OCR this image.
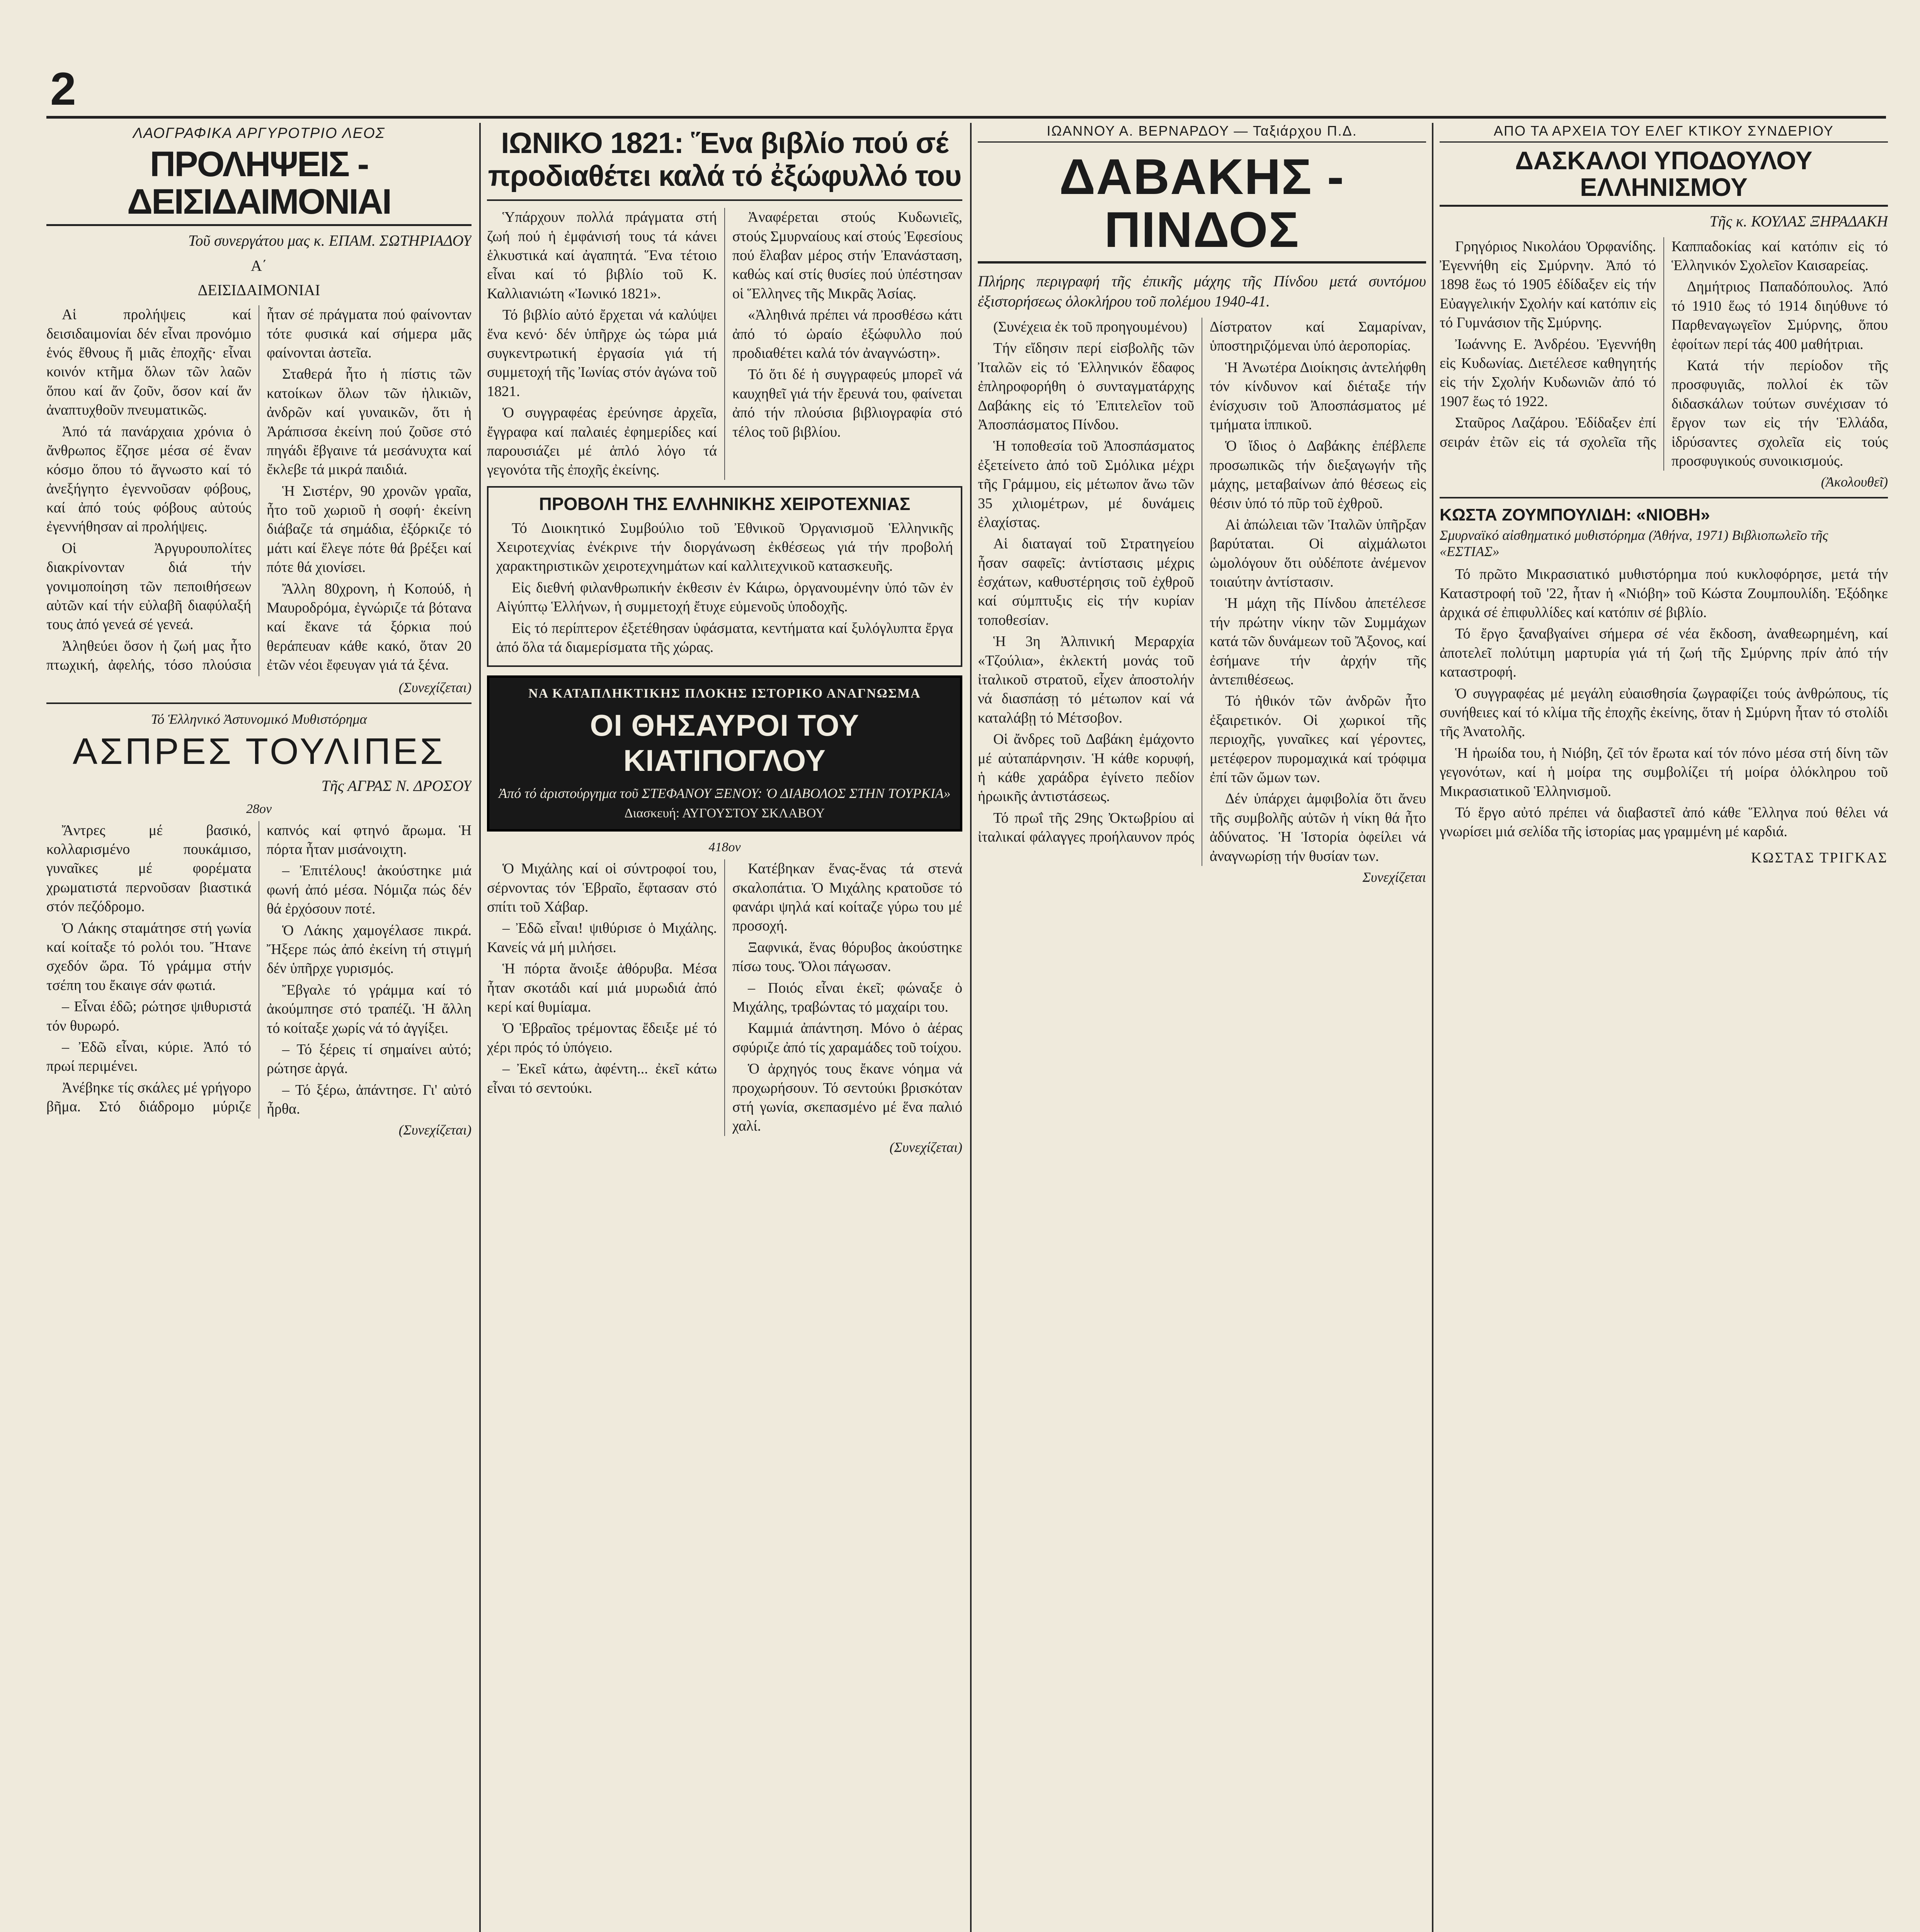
2
ΛΑΟΓΡΑΦΙΚΑ ΑΡΓΥΡΟΤΡΙΟ ΛΕΟΣ
ΠΡΟΛΗΨΕΙΣ - ΔΕΙΣΙΔΑΙΜΟΝΙΑΙ
Τοῦ συνεργάτου μας κ. ΕΠΑΜ. ΣΩΤΗΡΙΑΔΟΥ
Α΄
ΔΕΙΣΙΔΑΙΜΟΝΙΑΙ

Αἱ προλήψεις καί δεισιδαιμονίαι δέν εἶναι προνόμιο ἑνός ἔθνους ἤ μιᾶς ἐποχῆς· εἶναι κοινόν κτῆμα ὅλων τῶν λαῶν ὅπου καί ἄν ζοῦν, ὅσον καί ἄν ἀναπτυχθοῦν πνευματικῶς.

Ἀπό τά πανάρχαια χρόνια ὁ ἄνθρωπος ἔζησε μέσα σέ ἕναν κόσμο ὅπου τό ἄγνωστο καί τό ἀνεξήγητο ἐγεννοῦσαν φόβους, καί ἀπό τούς φόβους αὐτούς ἐγεννήθησαν αἱ προλήψεις.

Οἱ Ἀργυρουπολίτες διακρίνονταν διά τήν γονιμοποίηση τῶν πεποιθήσεων αὐτῶν καί τήν εὐλαβῆ διαφύλαξή τους ἀπό γενεά σέ γενεά.

Ἀληθεύει ὅσον ἡ ζωή μας ἦτο πτωχική, ἀφελής, τόσο πλούσια ἦταν σέ πράγματα πού φαίνονταν τότε φυσικά καί σήμερα μᾶς φαίνονται ἀστεῖα.

Σταθερά ἦτο ἡ πίστις τῶν κατοίκων ὅλων τῶν ἡλικιῶν, ἀνδρῶν καί γυναικῶν, ὅτι ἡ Ἀράπισσα ἐκείνη πού ζοῦσε στό πηγάδι ἔβγαινε τά μεσάνυχτα καί ἔκλεβε τά μικρά παιδιά.

Ἡ Σιστέρν, 90 χρονῶν γραῖα, ἦτο τοῦ χωριοῦ ἡ σοφή· ἐκείνη διάβαζε τά σημάδια, ἐξόρκιζε τό μάτι καί ἔλεγε πότε θά βρέξει καί πότε θά χιονίσει.

Ἄλλη 80χρονη, ἡ Κοπούδ, ἡ Μαυροδρόμα, ἐγνώριζε τά βότανα καί ἔκανε τά ξόρκια πού θεράπευαν κάθε κακό, ὅταν 20 ἐτῶν νέοι ἔφευγαν γιά τά ξένα.

(Συνεχίζεται)
Τό Ἑλληνικό Ἀστυνομικό Μυθιστόρημα
ΑΣΠΡΕΣ ΤΟΥΛΙΠΕΣ
Τῆς ΑΓΡΑΣ Ν. ΔΡΟΣΟΥ
28ον

Ἄντρες μέ βασικό, κολλαρισμένο πουκάμισο, γυναῖκες μέ φορέματα χρωματιστά περνοῦσαν βιαστικά στόν πεζόδρομο.

Ὁ Λάκης σταμάτησε στή γωνία καί κοίταξε τό ρολόι του. Ἤτανε σχεδόν ὥρα. Τό γράμμα στήν τσέπη του ἔκαιγε σάν φωτιά.

– Εἶναι ἐδῶ; ρώτησε ψιθυριστά τόν θυρωρό.

– Ἐδῶ εἶναι, κύριε. Ἀπό τό πρωί περιμένει.

Ἀνέβηκε τίς σκάλες μέ γρήγορο βῆμα. Στό διάδρομο μύριζε καπνός καί φτηνό ἄρωμα. Ἡ πόρτα ἦταν μισάνοιχτη.

– Ἐπιτέλους! ἀκούστηκε μιά φωνή ἀπό μέσα. Νόμιζα πώς δέν θά ἐρχόσουν ποτέ.

Ὁ Λάκης χαμογέλασε πικρά. Ἤξερε πώς ἀπό ἐκείνη τή στιγμή δέν ὑπῆρχε γυρισμός.

Ἔβγαλε τό γράμμα καί τό ἀκούμπησε στό τραπέζι. Ἡ ἄλλη τό κοίταξε χωρίς νά τό ἀγγίξει.

– Τό ξέρεις τί σημαίνει αὐτό; ρώτησε ἀργά.

– Τό ξέρω, ἀπάντησε. Γι' αὐτό ἦρθα.

(Συνεχίζεται)
ΙΩΝΙΚΟ 1821: Ἕνα βιβλίο πού σέ προδιαθέτει καλά τό ἐξώφυλλό του

Ὑπάρχουν πολλά πράγματα στή ζωή πού ἡ ἐμφάνισή τους τά κάνει ἑλκυστικά καί ἀγαπητά. Ἕνα τέτοιο εἶναι καί τό βιβλίο τοῦ Κ. Καλλιανιώτη «Ἰωνικό 1821».

Τό βιβλίο αὐτό ἔρχεται νά καλύψει ἕνα κενό· δέν ὑπῆρχε ὡς τώρα μιά συγκεντρωτική ἐργασία γιά τή συμμετοχή τῆς Ἰωνίας στόν ἀγώνα τοῦ 1821.

Ὁ συγγραφέας ἐρεύνησε ἀρχεῖα, ἔγγραφα καί παλαιές ἐφημερίδες καί παρουσιάζει μέ ἁπλό λόγο τά γεγονότα τῆς ἐποχῆς ἐκείνης.

Ἀναφέρεται στούς Κυδωνιεῖς, στούς Σμυρναίους καί στούς Ἐφεσίους πού ἔλαβαν μέρος στήν Ἐπανάσταση, καθώς καί στίς θυσίες πού ὑπέστησαν οἱ Ἕλληνες τῆς Μικρᾶς Ἀσίας.

«Ἀληθινά πρέπει νά προσθέσω κάτι ἀπό τό ὡραίο ἐξώφυλλο πού προδιαθέτει καλά τόν ἀναγνώστη».

Τό ὅτι δέ ἡ συγγραφεύς μπορεῖ νά καυχηθεῖ γιά τήν ἔρευνά του, φαίνεται ἀπό τήν πλούσια βιβλιογραφία στό τέλος τοῦ βιβλίου.

ΠΡΟΒΟΛΗ ΤΗΣ ΕΛΛΗΝΙΚΗΣ ΧΕΙΡΟΤΕΧΝΙΑΣ

Τό Διοικητικό Συμβούλιο τοῦ Ἐθνικοῦ Ὀργανισμοῦ Ἑλληνικῆς Χειροτεχνίας ἐνέκρινε τήν διοργάνωση ἐκθέσεως γιά τήν προβολή χαρακτηριστικῶν χειροτεχνημάτων καί καλλιτεχνικοῦ κατασκευῆς.

Εἰς διεθνή φιλανθρωπικήν ἐκθεσιν ἐν Κάιρω, ὀργανουμένην ὑπό τῶν ἐν Αἰγύπτῳ Ἑλλήνων, ἡ συμμετοχή ἔτυχε εὐμενοῦς ὑποδοχῆς.

Εἰς τό περίπτερον ἐξετέθησαν ὑφάσματα, κεντήματα καί ξυλόγλυπτα ἔργα ἀπό ὅλα τά διαμερίσματα τῆς χώρας.

ΝΑ ΚΑΤΑΠΛΗΚΤΙΚΗΣ ΠΛΟΚΗΣ ΙΣΤΟΡΙΚΟ ΑΝΑΓΝΩΣΜΑ
ΟΙ ΘΗΣΑΥΡΟΙ ΤΟΥ ΚΙΑΤΙΠΟΓΛΟΥ
Ἀπό τό ἀριστούργημα τοῦ ΣΤΕΦΑΝΟΥ ΞΕΝΟΥ: Ὁ ΔΙΑΒΟΛΟΣ ΣΤΗΝ ΤΟΥΡΚΙΑ»
Διασκευή: ΑΥΓΟΥΣΤΟΥ ΣΚΛΑΒΟΥ
418ον

Ὁ Μιχάλης καί οἱ σύντροφοί του, σέρνοντας τόν Ἑβραῖο, ἔφτασαν στό σπίτι τοῦ Χάβαρ.

– Ἐδῶ εἶναι! ψιθύρισε ὁ Μιχάλης. Κανείς νά μή μιλήσει.

Ἡ πόρτα ἄνοιξε ἀθόρυβα. Μέσα ἦταν σκοτάδι καί μιά μυρωδιά ἀπό κερί καί θυμίαμα.

Ὁ Ἑβραῖος τρέμοντας ἔδειξε μέ τό χέρι πρός τό ὑπόγειο.

– Ἐκεῖ κάτω, ἀφέντη... ἐκεῖ κάτω εἶναι τό σεντούκι.

Κατέβηκαν ἕνας-ἕνας τά στενά σκαλοπάτια. Ὁ Μιχάλης κρατοῦσε τό φανάρι ψηλά καί κοίταζε γύρω του μέ προσοχή.

Ξαφνικά, ἕνας θόρυβος ἀκούστηκε πίσω τους. Ὅλοι πάγωσαν.

– Ποιός εἶναι ἐκεῖ; φώναξε ὁ Μιχάλης, τραβώντας τό μαχαίρι του.

Καμμιά ἀπάντηση. Μόνο ὁ ἀέρας σφύριζε ἀπό τίς χαραμάδες τοῦ τοίχου.

Ὁ ἀρχηγός τους ἔκανε νόημα νά προχωρήσουν. Τό σεντούκι βρισκόταν στή γωνία, σκεπασμένο μέ ἕνα παλιό χαλί.

(Συνεχίζεται)
ΙΩΑΝΝΟΥ Α. ΒΕΡΝΑΡΔΟΥ — Ταξιάρχου Π.Δ.
ΔΑΒΑΚΗΣ - ΠΙΝΔΟΣ
Πλήρης περιγραφή τῆς ἐπικῆς μάχης τῆς Πίνδου μετά συντόμου ἐξιστορήσεως ὁλοκλήρου τοῦ πολέμου 1940-41.

(Συνέχεια ἐκ τοῦ προηγουμένου)

Τήν εἴδησιν περί εἰσβολῆς τῶν Ἰταλῶν εἰς τό Ἑλληνικόν ἔδαφος ἐπληροφορήθη ὁ συνταγματάρχης Δαβάκης εἰς τό Ἐπιτελεῖον τοῦ Ἀποσπάσματος Πίνδου.

Ἡ τοποθεσία τοῦ Ἀποσπάσματος ἐξετείνετο ἀπό τοῦ Σμόλικα μέχρι τῆς Γράμμου, εἰς μέτωπον ἄνω τῶν 35 χιλιομέτρων, μέ δυνάμεις ἐλαχίστας.

Αἱ διαταγαί τοῦ Στρατηγείου ἦσαν σαφεῖς: ἀντίστασις μέχρις ἐσχάτων, καθυστέρησις τοῦ ἐχθροῦ καί σύμπτυξις εἰς τήν κυρίαν τοποθεσίαν.

Ἡ 3η Ἀλπινική Μεραρχία «Τζούλια», ἐκλεκτή μονάς τοῦ ἰταλικοῦ στρατοῦ, εἶχεν ἀποστολήν νά διασπάσῃ τό μέτωπον καί νά καταλάβῃ τό Μέτσοβον.

Οἱ ἄνδρες τοῦ Δαβάκη ἐμάχοντο μέ αὐταπάρνησιν. Ἡ κάθε κορυφή, ἡ κάθε χαράδρα ἐγίνετο πεδίον ἡρωικῆς ἀντιστάσεως.

Τό πρωΐ τῆς 29ης Ὀκτωβρίου αἱ ἰταλικαί φάλαγγες προήλαυνον πρός Δίστρατον καί Σαμαρίναν, ὑποστηριζόμεναι ὑπό ἀεροπορίας.

Ἡ Ἀνωτέρα Διοίκησις ἀντελήφθη τόν κίνδυνον καί διέταξε τήν ἐνίσχυσιν τοῦ Ἀποσπάσματος μέ τμήματα ἱππικοῦ.

Ὁ ἴδιος ὁ Δαβάκης ἐπέβλεπε προσωπικῶς τήν διεξαγωγήν τῆς μάχης, μεταβαίνων ἀπό θέσεως εἰς θέσιν ὑπό τό πῦρ τοῦ ἐχθροῦ.

Αἱ ἀπώλειαι τῶν Ἰταλῶν ὑπῆρξαν βαρύταται. Οἱ αἰχμάλωτοι ὡμολόγουν ὅτι οὐδέποτε ἀνέμενον τοιαύτην ἀντίστασιν.

Ἡ μάχη τῆς Πίνδου ἀπετέλεσε τήν πρώτην νίκην τῶν Συμμάχων κατά τῶν δυνάμεων τοῦ Ἄξονος, καί ἐσήμανε τήν ἀρχήν τῆς ἀντεπιθέσεως.

Τό ἠθικόν τῶν ἀνδρῶν ἦτο ἐξαιρετικόν. Οἱ χωρικοί τῆς περιοχῆς, γυναῖκες καί γέροντες, μετέφερον πυρομαχικά καί τρόφιμα ἐπί τῶν ὤμων των.

Δέν ὑπάρχει ἀμφιβολία ὅτι ἄνευ τῆς συμβολῆς αὐτῶν ἡ νίκη θά ἦτο ἀδύνατος. Ἡ Ἱστορία ὀφείλει νά ἀναγνωρίσῃ τήν θυσίαν των.

Συνεχίζεται
ΑΠΟ ΤΑ ΑΡΧΕΙΑ ΤΟΥ ΕΛΕΓ ΚΤΙΚΟΥ ΣΥΝΔΕΡΙΟΥ
ΔΑΣΚΑΛΟΙ ΥΠΟΔΟΥΛΟΥ ΕΛΛΗΝΙΣΜΟΥ
Τῆς κ. ΚΟΥΛΑΣ ΞΗΡΑΔΑΚΗ

Γρηγόριος Νικολάου Ὀρφανίδης. Ἐγεννήθη εἰς Σμύρνην. Ἀπό τό 1898 ἕως τό 1905 ἐδίδαξεν εἰς τήν Εὐαγγελικήν Σχολήν καί κατόπιν εἰς τό Γυμνάσιον τῆς Σμύρνης.

Ἰωάννης Ε. Ἀνδρέου. Ἐγεννήθη εἰς Κυδωνίας. Διετέλεσε καθηγητής εἰς τήν Σχολήν Κυδωνιῶν ἀπό τό 1907 ἕως τό 1922.

Σταῦρος Λαζάρου. Ἐδίδαξεν ἐπί σειράν ἐτῶν εἰς τά σχολεῖα τῆς Καππαδοκίας καί κατόπιν εἰς τό Ἑλληνικόν Σχολεῖον Καισαρείας.

Δημήτριος Παπαδόπουλος. Ἀπό τό 1910 ἕως τό 1914 διηύθυνε τό Παρθεναγωγεῖον Σμύρνης, ὅπου ἐφοίτων περί τάς 400 μαθήτριαι.

Κατά τήν περίοδον τῆς προσφυγιᾶς, πολλοί ἐκ τῶν διδασκάλων τούτων συνέχισαν τό ἔργον των εἰς τήν Ἑλλάδα, ἱδρύσαντες σχολεῖα εἰς τούς προσφυγικούς συνοικισμούς.

(Ἀκολουθεῖ)
ΚΩΣΤΑ ΖΟΥΜΠΟΥΛΙΔΗ: «ΝΙΟΒΗ»
Σμυρναϊκό αἰσθηματικό μυθιστόρημα (Ἀθήνα, 1971) Βιβλιοπωλεῖο τῆς «ΕΣΤΙΑΣ»

Τό πρῶτο Μικρασιατικό μυθιστόρημα πού κυκλοφόρησε, μετά τήν Καταστροφή τοῦ '22, ἦταν ἡ «Νιόβη» τοῦ Κώστα Ζουμπουλίδη. Ἐξόδηκε ἀρχικά σέ ἐπιφυλλίδες καί κατόπιν σέ βιβλίο.

Τό ἔργο ξαναβγαίνει σήμερα σέ νέα ἔκδοση, ἀναθεωρημένη, καί ἀποτελεῖ πολύτιμη μαρτυρία γιά τή ζωή τῆς Σμύρνης πρίν ἀπό τήν καταστροφή.

Ὁ συγγραφέας μέ μεγάλη εὐαισθησία ζωγραφίζει τούς ἀνθρώπους, τίς συνήθειες καί τό κλίμα τῆς ἐποχῆς ἐκείνης, ὅταν ἡ Σμύρνη ἦταν τό στολίδι τῆς Ἀνατολῆς.

Ἡ ἡρωίδα του, ἡ Νιόβη, ζεῖ τόν ἔρωτα καί τόν πόνο μέσα στή δίνη τῶν γεγονότων, καί ἡ μοίρα της συμβολίζει τή μοίρα ὁλόκληρου τοῦ Μικρασιατικοῦ Ἑλληνισμοῦ.

Τό ἔργο αὐτό πρέπει νά διαβαστεῖ ἀπό κάθε Ἕλληνα πού θέλει νά γνωρίσει μιά σελίδα τῆς ἱστορίας μας γραμμένη μέ καρδιά.

ΚΩΣΤΑΣ ΤΡΙΓΚΑΣ
